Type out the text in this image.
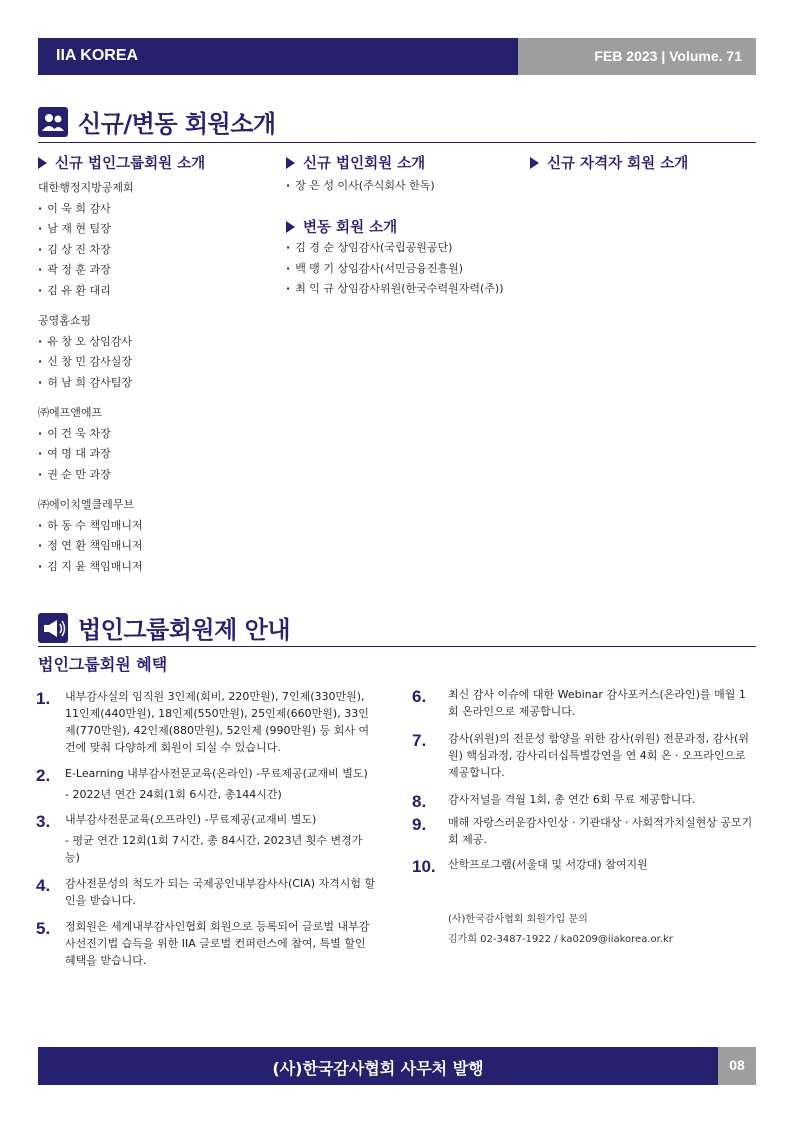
IIA KOREA	FEB 2023 | Volume. 71
신규/변동 회원소개
신규 법인그룹회원 소개
대한행정지방공제회
· 이 욱 희 감사
· 남 재 현 팀장
· 김 상 진 차장
· 곽 정 훈 과장
· 김 유 환 대리
공영홈쇼핑
· 유 창 오 상임감사
· 신 창 민 감사실장
· 허 남 희 감사팀장
㈜에프앤에프
· 이 건 욱 차장
· 여 명 대 과장
· 권 순 만 과장
㈜에이치엘클레무브
· 하 동 수 책임매니저
· 정 연 환 책임매니저
· 김 지 윤 책임매니저
신규 법인회원 소개
· 장 은 성 이사(주식회사 한독)
변동 회원 소개
· 김 경 순 상임감사(국립공원공단)
· 백 맹 기 상임감사(서민금융진흥원)
· 최 익 규 상임감사위원(한국수력원자력(주))
신규 자격자 회원 소개
법인그룹회원제 안내
법인그룹회원 혜택
1. 내부감사실의 임직원 3인제(회비, 220만원), 7인제(330만원), 11인제(440만원), 18인제(550만원), 25인제(660만원), 33인제(770만원), 42인제(880만원), 52인제 (990만원) 등 회사 여건에 맞춰 다양하게 회원이 되실 수 있습니다.
2. E-Learning 내부감사전문교육(온라인) -무료제공(교재비 별도)
- 2022년 연간 24회(1회 6시간, 총144시간)
3. 내부감사전문교육(오프라인) -무료제공(교재비 별도)
- 평균 연간 12회(1회 7시간, 총 84시간, 2023년 횟수 변경가능)
4. 감사전문성의 척도가 되는 국제공인내부감사사(CIA) 자격시험 할인을 받습니다.
5. 정회원은 세계내부감사인협회 회원으로 등록되어 글로벌 내부감사선진기법 습득을 위한 IIA 글로벌 컨퍼런스에 참여, 특별 할인 혜택을 받습니다.
6. 최신 감사 이슈에 대한 Webinar 감사포커스(온라인)를 매월 1회 온라인으로 제공합니다.
7. 감사(위원)의 전문성 함양을 위한 감사(위원) 전문과정, 감사(위원) 핵심과정, 감사리더십특별강연을 연 4회 온 · 오프라인으로 제공합니다.
8. 감사저널을 격월 1회, 총 연간 6회 무료 제공합니다.
9. 매해 자랑스러운감사인상 · 기관대상 · 사회적가치실현상 공모기회 제공.
10. 산학프로그램(서울대 및 서강대) 참여지원
(사)한국감사협회 회원가입 문의
김가희 02-3487-1922 / ka0209@iiakorea.or.kr
(사)한국감사협회 사무처 발행	08
